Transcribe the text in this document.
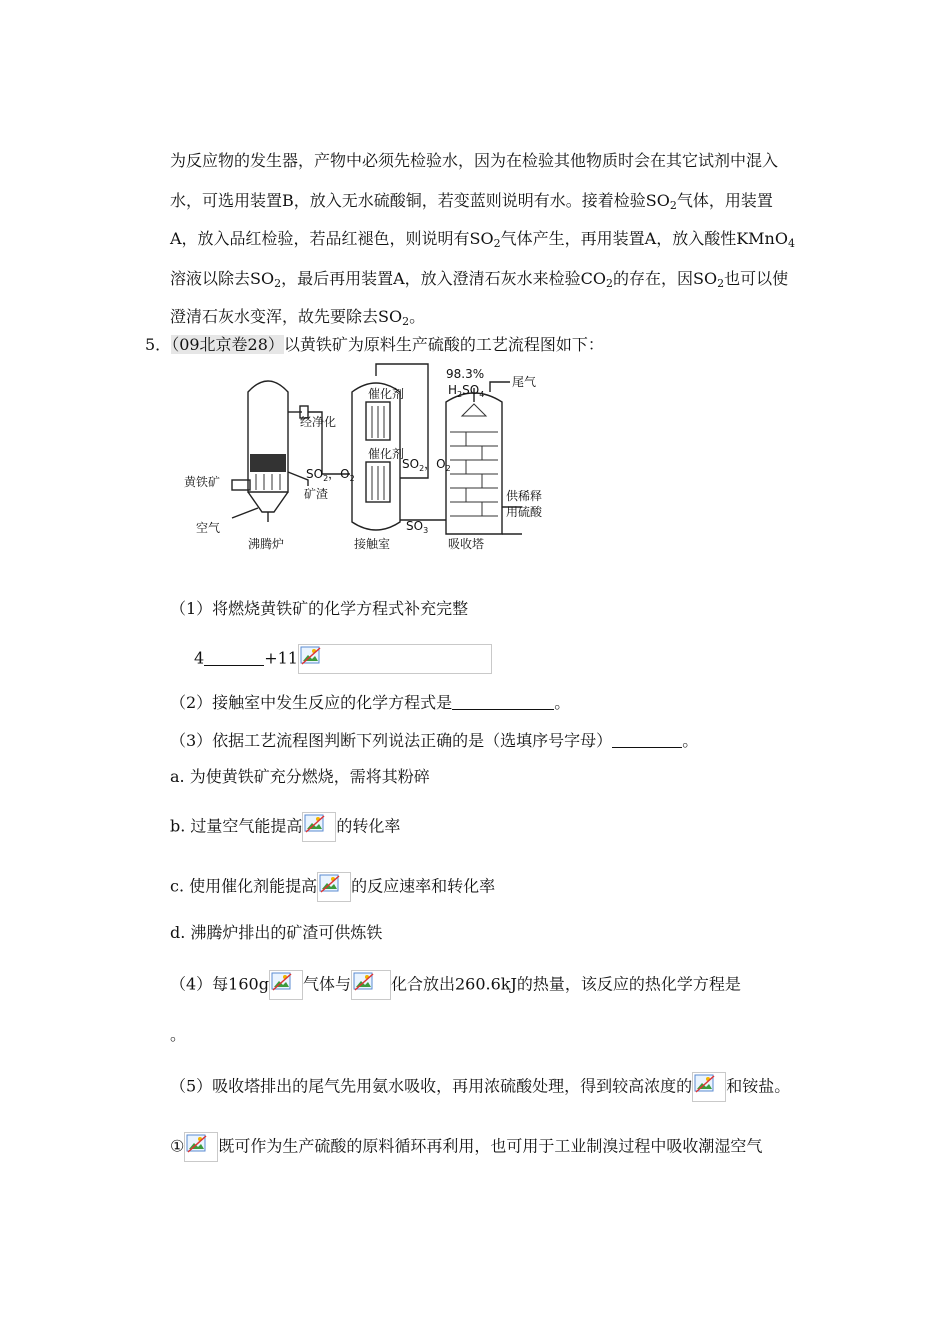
为反应物的发生器，产物中必须先检验水，因为在检验其他物质时会在其它试剂中混入
水，可选用装置B，放入无水硫酸铜，若变蓝则说明有水。接着检验$SO_2$气体，用装置
A，放入品红检验，若品红褪色，则说明有$SO_2$气体产生，再用装置A，放入酸性KMnO$_4$
溶液以除去$SO_2$，最后再用装置A，放入澄清石灰水来检验$CO_2$的存在，因$SO_2$也可以使
澄清石灰水变浑，故先要除去$SO_2$。
5．（09北京卷28）以黄铁矿为原料生产硫酸的工艺流程图如下：
黄铁矿
空气
沸腾炉
矿渣
经净化
$SO_2$，$O_2$
催化剂
催化剂
$SO_2$，$O_2$
$SO_3$
接触室
98.3%
$H_2SO_4$
尾气
供稀释
用硫酸
吸收塔
（1）将燃烧黄铁矿的化学方程式补充完整
4	+11
（2）接触室中发生反应的化学方程式是	。
（3）依据工艺流程图判断下列说法正确的是（选填序号字母）	。
a. 为使黄铁矿充分燃烧，需将其粉碎
b. 过量空气能提高 的转化率
c. 使用催化剂能提高 的反应速率和转化率
d. 沸腾炉排出的矿渣可供炼铁
（4）每160g 气体与	化合放出260.6kJ的热量，该反应的热化学方程是
。
（5）吸收塔排出的尾气先用氨水吸收，再用浓硫酸处理，得到较高浓度的 和铵盐。
① 既可作为生产硫酸的原料循环再利用，也可用于工业制溴过程中吸收潮湿空气
